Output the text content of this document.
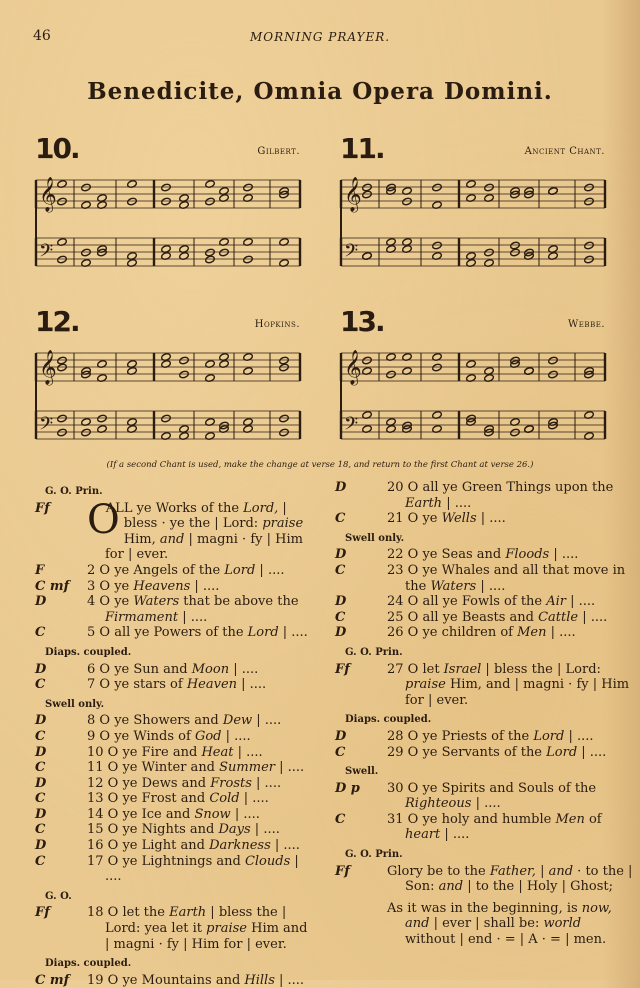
46	MORNING PRAYER.
Benedicite, Omnia Opera Domini.
10.	Gilbert.
𝄞
𝄢
11.	Ancient Chant.
𝄞
𝄢
12.	Hopkins.
𝄞
𝄢
13.	Webbe.
𝄞
𝄢
(If a second Chant is used, make the change at verse 18, and return to the first Chant at verse 26.)
G. O. Prin.
Ff O
ALL ye Works of the Lord, | bless · ye the | Lord: praise Him, and | magni · fy | Him for | ever.
F	2 O ye Angels of the Lord | ....
C mf	3 O ye Heavens | ....
D	4 O ye Waters that be above the Firmament | ....
C	5 O all ye Powers of the Lord | ....
Diaps. coupled.
D	6 O ye Sun and Moon | ....
C	7 O ye stars of Heaven | ....
Swell only.
D	8 O ye Showers and Dew | ....
C	9 O ye Winds of God | ....
D	10 O ye Fire and Heat | ....
C	11 O ye Winter and Summer | ....
D	12 O ye Dews and Frosts | ....
C	13 O ye Frost and Cold | ....
D	14 O ye Ice and Snow | ....
C	15 O ye Nights and Days | ....
D	16 O ye Light and Darkness | ....
C	17 O ye Lightnings and Clouds | ....
G. O.
Ff	18 O let the Earth | bless the | Lord: yea let it praise Him and | magni · fy | Him for | ever.
Diaps. coupled.
C mf	19 O ye Mountains and Hills | ....
D	20 O all ye Green Things upon the Earth | ....
C	21 O ye Wells | ....
Swell only.
D	22 O ye Seas and Floods | ....
C	23 O ye Whales and all that move in the Waters | ....
D	24 O all ye Fowls of the Air | ....
C	25 O all ye Beasts and Cattle | ....
D	26 O ye children of Men | ....
G. O. Prin.
Ff	27 O let Israel | bless the | Lord: praise Him, and | magni · fy | Him for | ever.
Diaps. coupled.
D	28 O ye Priests of the Lord | ....
C	29 O ye Servants of the Lord | ....
Swell.
D p	30 O ye Spirits and Souls of the Righteous | ....
C	31 O ye holy and humble Men of heart | ....
G. O. Prin.
Ff	Glory be to the Father, | and · to the | Son: and | to the | Holy | Ghost;
As it was in the beginning, is now, and | ever | shall be: world without | end · = | A · = | men.
